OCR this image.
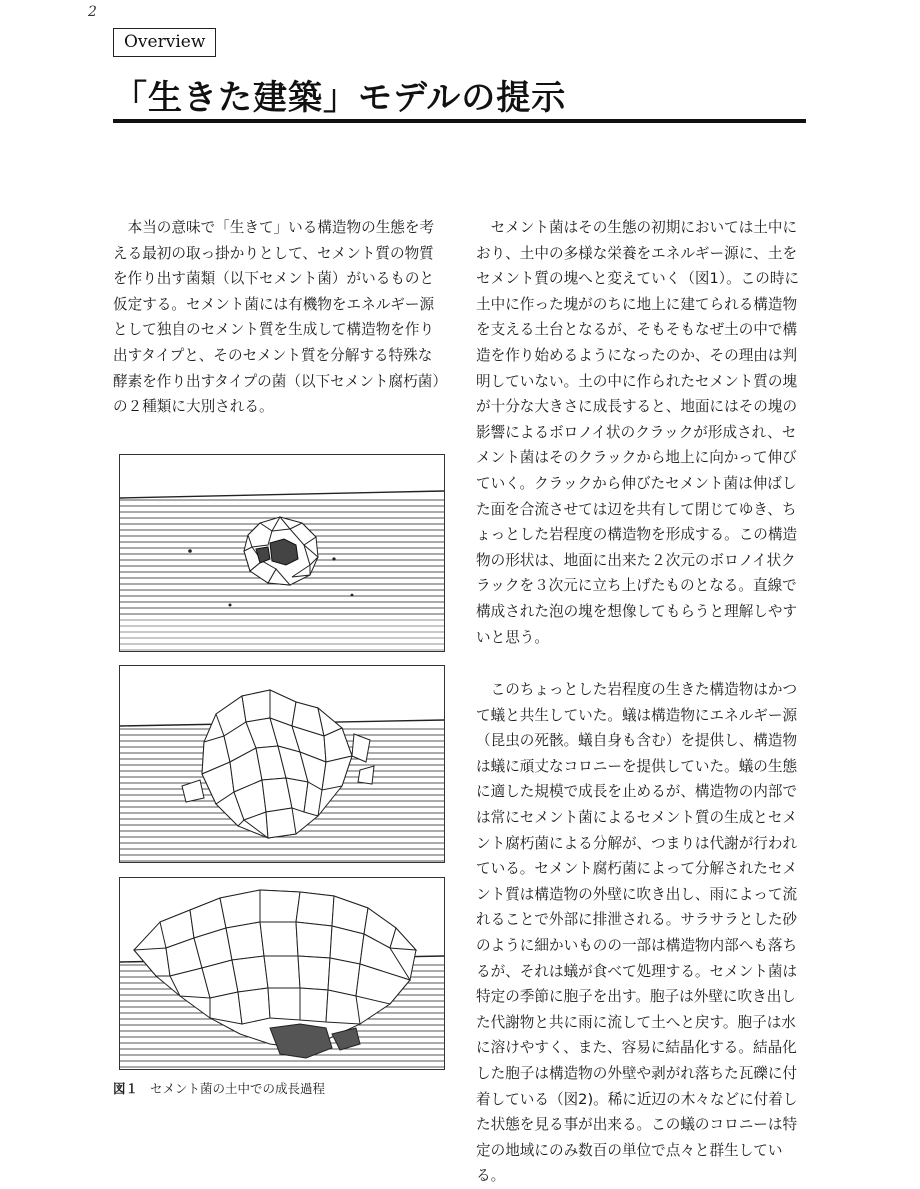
2
Overview
「生きた建築」モデルの提示

本当の意味で「生きて」いる構造物の生態を考える最初の取っ掛かりとして、セメント質の物質を作り出す菌類（以下セメント菌）がいるものと仮定する。セメント菌には有機物をエネルギー源として独自のセメント質を生成して構造物を作り出すタイプと、そのセメント質を分解する特殊な酵素を作り出すタイプの菌（以下セメント腐朽菌）の２種類に大別される。

セメント菌はその生態の初期においては土中におり、土中の多様な栄養をエネルギー源に、土をセメント質の塊へと変えていく（図1）。この時に土中に作った塊がのちに地上に建てられる構造物を支える土台となるが、そもそもなぜ土の中で構造を作り始めるようになったのか、その理由は判明していない。土の中に作られたセメント質の塊が十分な大きさに成長すると、地面にはその塊の影響によるボロノイ状のクラックが形成され、セメント菌はそのクラックから地上に向かって伸びていく。クラックから伸びたセメント菌は伸ばした面を合流させては辺を共有して閉じてゆき、ちょっとした岩程度の構造物を形成する。この構造物の形状は、地面に出来た２次元のボロノイ状クラックを３次元に立ち上げたものとなる。直線で構成された泡の塊を想像してもらうと理解しやすいと思う。

このちょっとした岩程度の生きた構造物はかつて蟻と共生していた。蟻は構造物にエネルギー源（昆虫の死骸。蟻自身も含む）を提供し、構造物は蟻に頑丈なコロニーを提供していた。蟻の生態に適した規模で成長を止めるが、構造物の内部では常にセメント菌によるセメント質の生成とセメント腐朽菌による分解が、つまりは代謝が行われている。セメント腐朽菌によって分解されたセメント質は構造物の外壁に吹き出し、雨によって流れることで外部に排泄される。サラサラとした砂のように細かいものの一部は構造物内部へも落ちるが、それは蟻が食べて処理する。セメント菌は特定の季節に胞子を出す。胞子は外壁に吹き出した代謝物と共に雨に流して土へと戻す。胞子は水に溶けやすく、また、容易に結晶化する。結晶化した胞子は構造物の外壁や剥がれ落ちた瓦礫に付着している（図2)。稀に近辺の木々などに付着した状態を見る事が出来る。この蟻のコロニーは特定の地域にのみ数百の単位で点々と群生している。

図１ セメント菌の土中での成長過程
